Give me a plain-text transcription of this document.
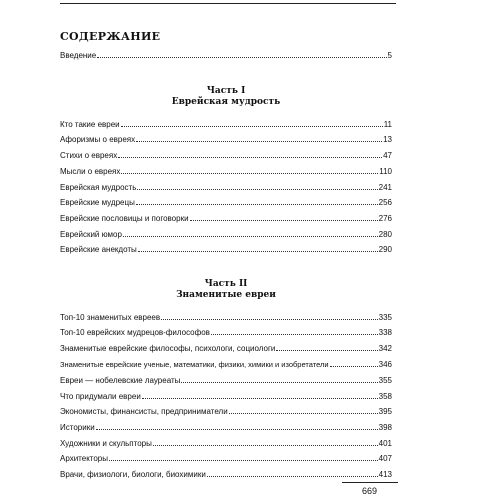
СОДЕРЖАНИЕ
Введение	5
Часть I
Еврейская мудрость
Кто такие евреи	11
Афоризмы о евреях	13
Стихи о евреях	47
Мысли о евреях	110
Еврейская мудрость	241
Еврейские мудрецы	256
Еврейские пословицы и поговорки	276
Еврейский юмор	280
Еврейские анекдоты	290
Часть II
Знаменитые евреи
Топ-10 знаменитых евреев	335
Топ-10 еврейских мудрецов-философов	338
Знаменитые еврейские философы, психологи, социологи	342
Знаменитые еврейские ученые, математики, физики, химики и изобретатели	346
Евреи — нобелевские лауреаты	355
Что придумали евреи	358
Экономисты, финансисты, предприниматели	395
Историки	398
Художники и скульпторы	401
Архитекторы	407
Врачи, физиологи, биологи, биохимики	413
669
